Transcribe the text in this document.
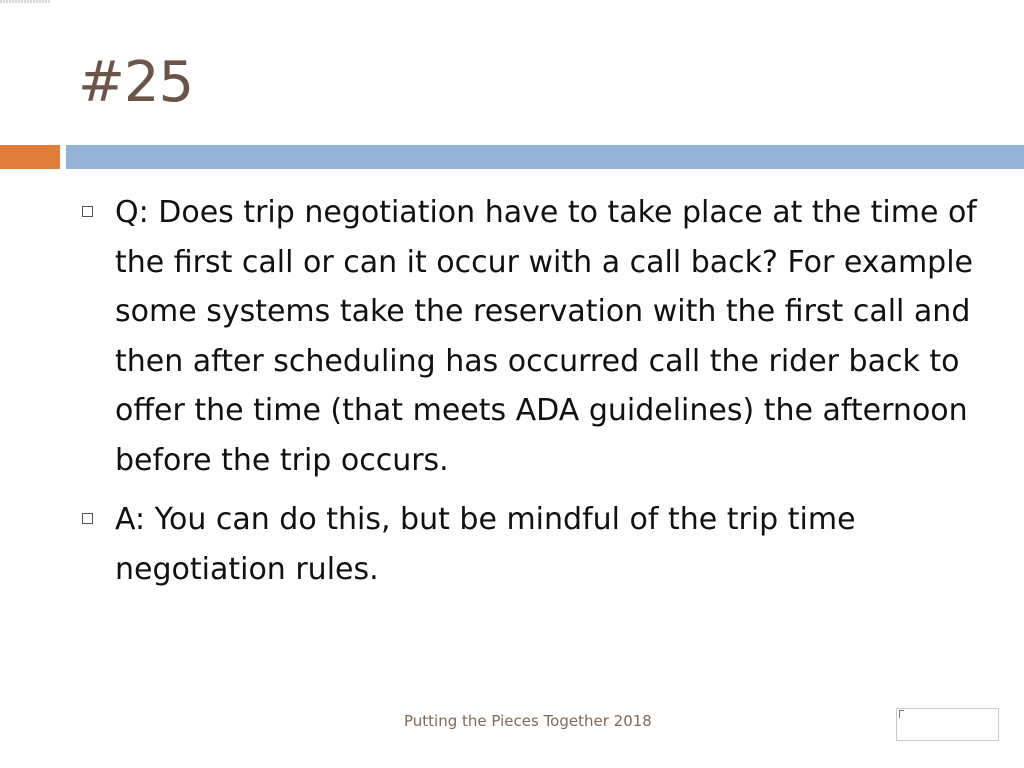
#25
Q: Does trip negotiation have to take place at the time of the first call or can it occur with a call back? For example some systems take the reservation with the first call and then after scheduling has occurred call the rider back to offer the time (that meets ADA guidelines) the afternoon before the trip occurs.
A: You can do this, but be mindful of the trip time negotiation rules.
Putting the Pieces Together 2018
